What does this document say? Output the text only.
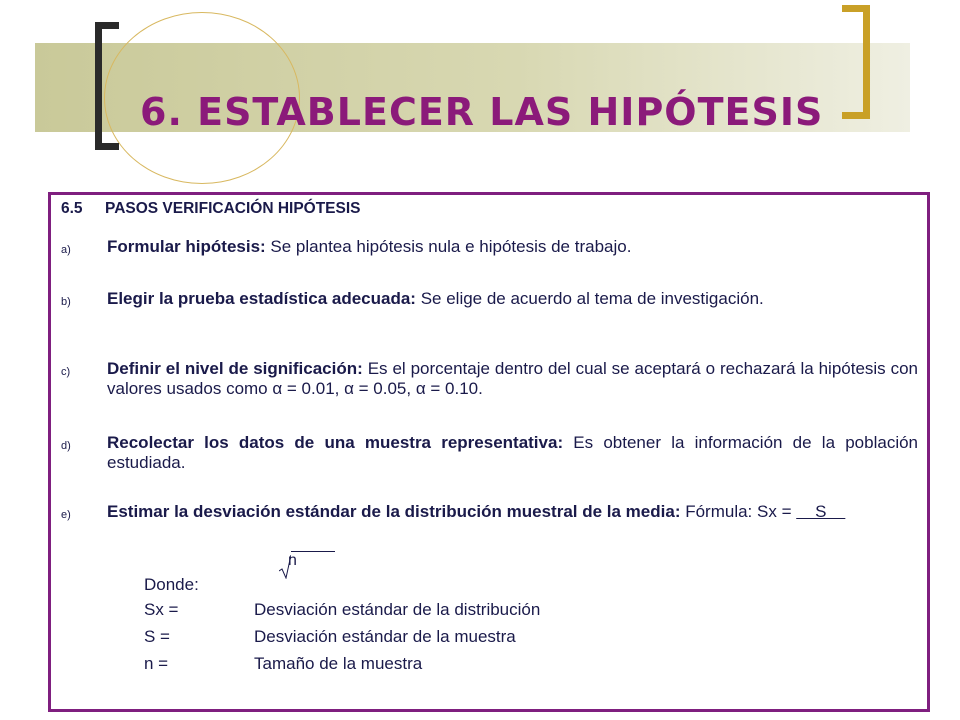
6. ESTABLECER LAS HIPÓTESIS
6.5 PASOS VERIFICACIÓN HIPÓTESIS
a) Formular hipótesis: Se plantea hipótesis nula e hipótesis de trabajo.
b) Elegir la prueba estadística adecuada: Se elige de acuerdo al tema de investigación.
c) Definir el nivel de significación: Es el porcentaje dentro del cual se aceptará o rechazará la hipótesis con valores usados como α = 0.01, α = 0.05, α = 0.10.
d) Recolectar los datos de una muestra representativa: Es obtener la información de la población estudiada.
e) Estimar la desviación estándar de la distribución muestral de la media: Fórmula: Sx =     S
n
Donde:
Sx =	Desviación estándar de la distribución
S =	Desviación estándar de la muestra
n =	Tamaño de la muestra
